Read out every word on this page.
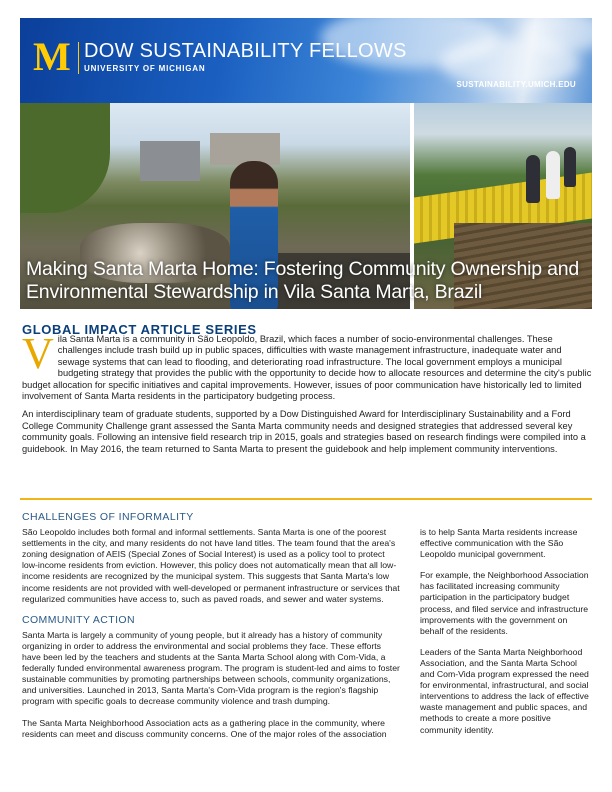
M DOW SUSTAINABILITY FELLOWS
UNIVERSITY OF MICHIGAN
SUSTAINABILITY.UMICH.EDU
Making Santa Marta Home: Fostering Community Ownership and
Environmental Stewardship in Vila Santa Marta, Brazil
GLOBAL IMPACT ARTICLE SERIES

Vila Santa Marta is a community in São Leopoldo, Brazil, which faces a number of socio-environmental challenges. These challenges include trash build up in public spaces, difficulties with waste management infrastructure, inadequate water and sewage systems that can lead to flooding, and deteriorating road infrastructure. The local government employs a municipal budgeting strategy that provides the public with the opportunity to decide how to allocate resources and determine the city's public budget allocation for specific initiatives and capital improvements. However, issues of poor communication have historically led to limited involvement of Santa Marta residents in the participatory budgeting process.

An interdisciplinary team of graduate students, supported by a Dow Distinguished Award for Interdisciplinary Sustainability and a Ford College Community Challenge grant assessed the Santa Marta community needs and designed strategies that addressed several key community goals. Following an intensive field research trip in 2015, goals and strategies based on research findings were compiled into a guidebook. In May 2016, the team returned to Santa Marta to present the guidebook and help implement community interventions.

CHALLENGES OF INFORMALITY

São Leopoldo includes both formal and informal settlements. Santa Marta is one of the poorest settlements in the city, and many residents do not have land titles. The team found that the area's zoning designation of AEIS (Special Zones of Social Interest) is used as a policy tool to protect low-income residents from eviction. However, this policy does not automatically mean that all low-income residents are recognized by the municipal system. This suggests that Santa Marta's low income residents are not provided with well-developed or permanent infrastructure or services that regularized communities have access to, such as paved roads, and sewer and water systems.

COMMUNITY ACTION

Santa Marta is largely a community of young people, but it already has a history of community organizing in order to address the environmental and social problems they face. These efforts have been led by the teachers and students at the Santa Marta School along with Com-Vida, a federally funded environmental awareness program. The program is student-led and aims to foster sustainable communities by promoting partnerships between schools, community organizations, and universities. Launched in 2013, Santa Marta's Com-Vida program is the region's flagship program with specific goals to decrease community violence and trash dumping.

The Santa Marta Neighborhood Association acts as a gathering place in the community, where residents can meet and discuss community concerns. One of the major roles of the association

is to help Santa Marta residents increase effective communication with the São Leopoldo municipal government.

For example, the Neighborhood Association has facilitated increasing community participation in the participatory budget process, and filed service and infrastructure improvements with the government on behalf of the residents.

Leaders of the Santa Marta Neighborhood Association, and the Santa Marta School and Com-Vida program expressed the need for environmental, infrastructural, and social interventions to address the lack of effective waste management and public spaces, and methods to create a more positive community identity.
